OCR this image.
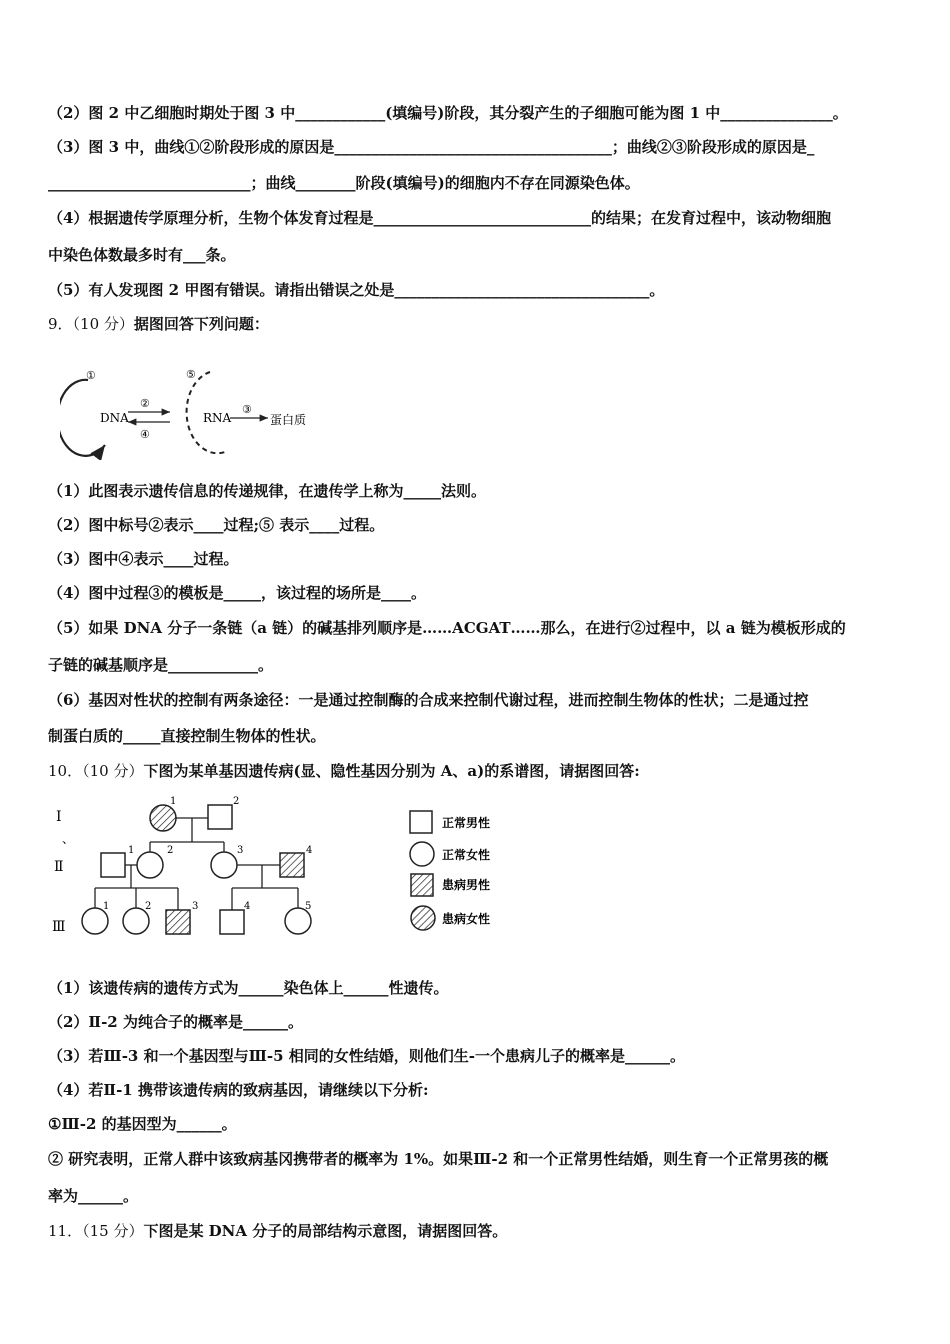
（2）图 2 中乙细胞时期处于图 3 中____________(填编号)阶段，其分裂产生的子细胞可能为图 1 中_______________。
（3）图 3 中，曲线①②阶段形成的原因是_____________________________________；曲线②③阶段形成的原因是_
___________________________；曲线________阶段(填编号)的细胞内不存在同源染色体。
（4）根据遗传学原理分析，生物个体发育过程是_____________________________的结果；在发育过程中，该动物细胞
中染色体数最多时有___条。
（5）有人发现图 2 甲图有错误。请指出错误之处是__________________________________。
9．（10 分）据图回答下列问题：
①
DNA
②
④
⑤
RNA
③
蛋白质
（1）此图表示遗传信息的传递规律，在遗传学上称为_____法则。
（2）图中标号②表示____过程;⑤ 表示____过程。
（3）图中④表示____过程。
（4）图中过程③的模板是_____，该过程的场所是____。
（5）如果 DNA 分子一条链（a 链）的碱基排列顺序是……ACGAT……那么，在进行②过程中，以 a 链为模板形成的
子链的碱基顺序是____________。
（6）基因对性状的控制有两条途径：一是通过控制酶的合成来控制代谢过程，进而控制生物体的性状；二是通过控
制蛋白质的_____直接控制生物体的性状。
10．（10 分）下图为某单基因遗传病(显、隐性基因分别为 A、a)的系谱图，请据图回答:
Ⅰ
、
Ⅱ
Ⅲ
1	2
1	2	3	4
1	2	3	4	5
正常男性
正常女性
患病男性
患病女性
（1）该遗传病的遗传方式为______染色体上______性遗传。
（2）Ⅱ-2 为纯合子的概率是______。
（3）若Ⅲ-3 和一个基因型与Ⅲ-5 相同的女性结婚，则他们生-一个患病儿子的概率是______。
（4）若Ⅱ-1 携带该遗传病的致病基因，请继续以下分析:
①Ⅲ-2 的基因型为______。
② 研究表明，正常人群中该致病基冈携带者的概率为 1%。如果Ⅲ-2 和一个正常男性结婚，则生育一个正常男孩的概
率为______。
11．（15 分）下图是某 DNA 分子的局部结构示意图，请据图回答。
